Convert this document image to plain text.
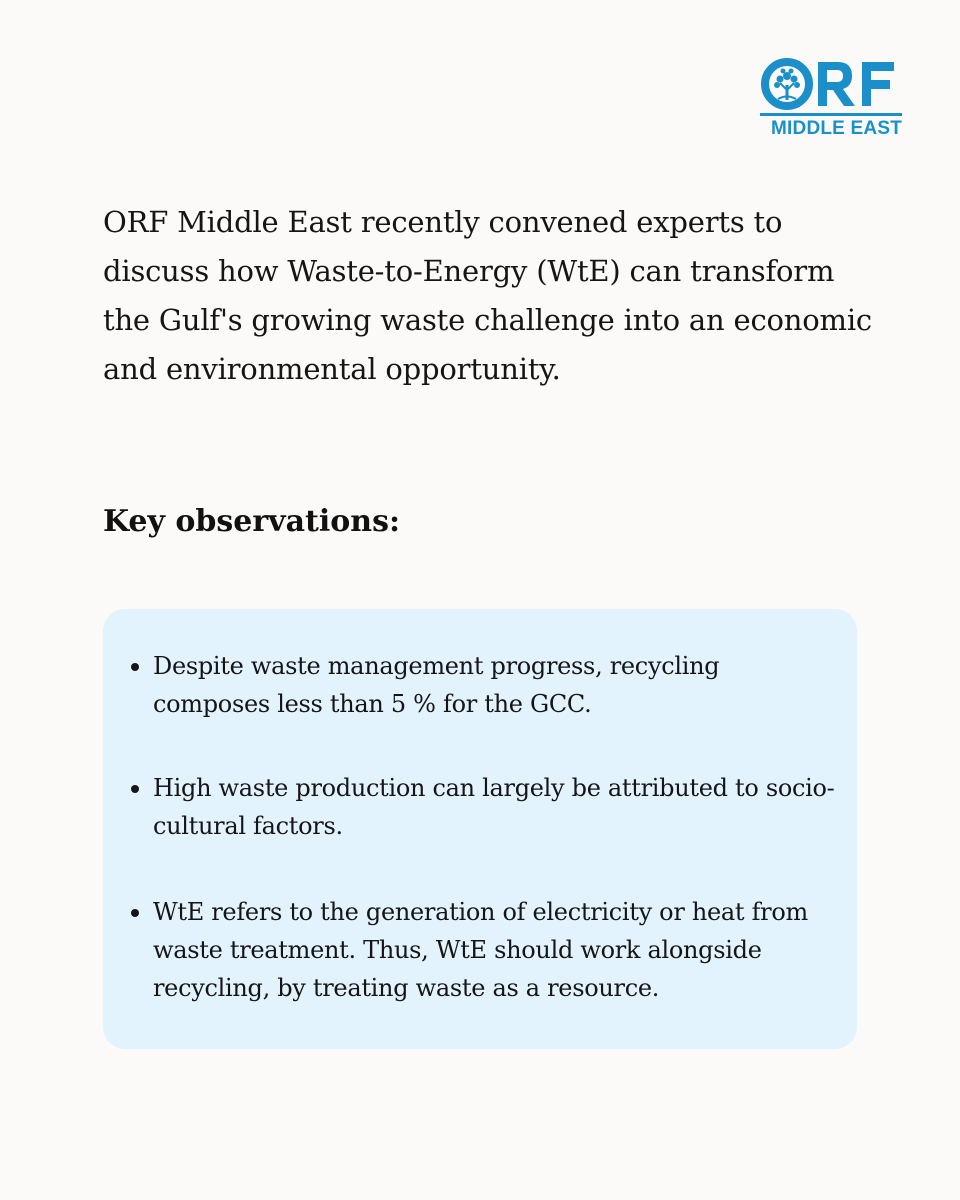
MIDDLE EAST

ORF Middle East recently convened experts to discuss how Waste-to-Energy (WtE) can transform the Gulf's growing waste challenge into an economic and environmental opportunity.

Key observations:
Despite waste management progress, recycling composes less than 5 % for the GCC.
High waste production can largely be attributed to socio-cultural factors.
WtE refers to the generation of electricity or heat from waste treatment. Thus, WtE should work alongside recycling, by treating waste as a resource.
